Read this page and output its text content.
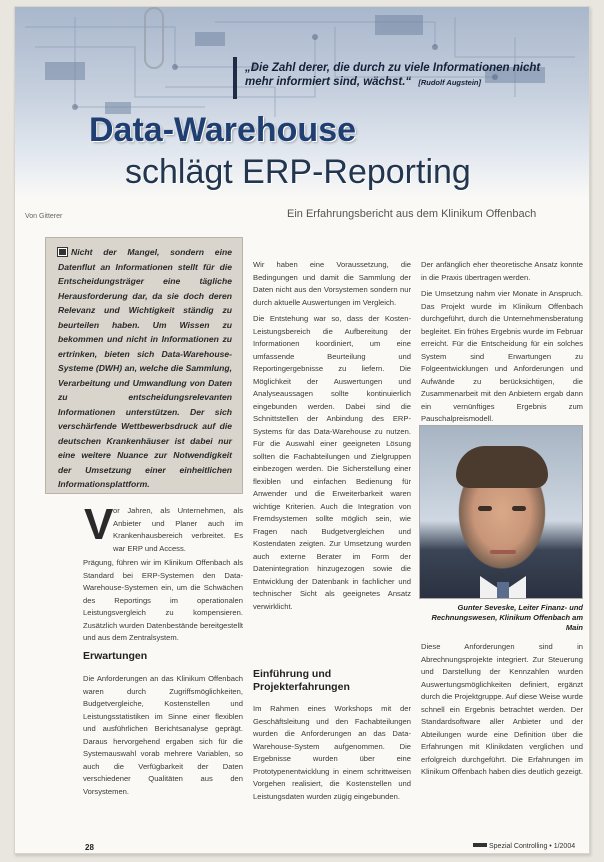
„Die Zahl derer, die durch zu viele Informationen nicht mehr informiert sind, wächst.“ [Rudolf Augstein]
Data-Warehouse
schlägt ERP-Reporting
Von Gitterer	Ein Erfahrungsbericht aus dem Klinikum Offenbach
Nicht der Mangel, sondern eine Datenflut an Informationen stellt für die Entscheidungsträger eine tägliche Herausforderung dar, da sie doch deren Relevanz und Wichtigkeit ständig zu beurteilen haben. Um Wissen zu bekommen und nicht in Informationen zu ertrinken, bieten sich Data-Warehouse-Systeme (DWH) an, welche die Sammlung, Verarbeitung und Umwandlung von Daten zu entscheidungsrelevanten Informationen unterstützen. Der sich verschärfende Wettbewerbsdruck auf die deutschen Krankenhäuser ist dabei nur eine weitere Nuance zur Notwendigkeit der Umsetzung einer einheitlichen Informationsplattform.
V or Jahren, als Unternehmen, als Anbieter und Planer auch im Krankenhausbereich verbreitet. Es war ERP und Access.

Prägung, führen wir im Klinikum Offenbach als Standard bei ERP-Systemen den Data-Warehouse-Systemen ein, um die Schwächen des Reportings im operationalen Leistungsvergleich zu kompensieren. Zusätzlich wurden Datenbestände bereitgestellt und aus dem Zentralsystem.

Erwartungen

Die Anforderungen an das Klinikum Offenbach waren durch Zugriffsmöglichkeiten, Budgetvergleiche, Kostenstellen und Leistungsstatistiken im Sinne einer flexiblen und ausführlichen Berichtsanalyse geprägt. Daraus hervorgehend ergaben sich für die Systemauswahl vorab mehrere Variablen, so auch die Verfügbarkeit der Daten verschiedener Qualitäten aus den Vorsystemen.

Wir haben eine Voraussetzung, die Bedingungen und damit die Sammlung der Daten nicht aus den Vorsystemen sondern nur durch aktuelle Auswertungen im Vergleich.

Die Entstehung war so, dass der Kosten-Leistungsbereich die Aufbereitung der Informationen koordiniert, um eine umfassende Beurteilung und Reportingergebnisse zu liefern. Die Möglichkeit der Auswertungen und Analyseaussagen sollte kontinuierlich eingebunden werden. Dabei sind die Schnittstellen der Anbindung des ERP-Systems für das Data-Warehouse zu nutzen. Für die Auswahl einer geeigneten Lösung sollten die Fachabteilungen und Zielgruppen einbezogen werden. Die Sicherstellung einer flexiblen und einfachen Bedienung für Anwender und die Erweiterbarkeit waren wichtige Kriterien. Auch die Integration von Fremdsystemen sollte möglich sein, wie Fragen nach Budgetvergleichen und Kostendaten zeigten. Zur Umsetzung wurden auch externe Berater im Form der Datenintegration hinzugezogen sowie die Entwicklung der Datenbank in fachlicher und technischer Sicht als geeignetes Ansatz verwirklicht.

Einführung und Projekterfahrungen

Im Rahmen eines Workshops mit der Geschäftsleitung und den Fachabteilungen wurden die Anforderungen an das Data-Warehouse-System aufgenommen. Die Ergebnisse wurden über eine Prototypenentwicklung in einem schrittweisen Vorgehen realisiert, die Kostenstellen und Leistungsdaten wurden zügig eingebunden.

Der anfänglich eher theoretische Ansatz konnte in die Praxis übertragen werden.

Die Umsetzung nahm vier Monate in Anspruch. Das Projekt wurde im Klinikum Offenbach durchgeführt, durch die Unternehmensberatung begleitet. Ein frühes Ergebnis wurde im Februar erreicht. Für die Entscheidung für ein solches System sind Erwartungen zu Folgeentwicklungen und Anforderungen und Aufwände zu berücksichtigen, die Zusammenarbeit mit den Anbietern ergab dann ein vernünftiges Ergebnis zum Pauschalpreismodell.

Gunter Seveske, Leiter Finanz- und Rechnungswesen, Klinikum Offenbach am Main

Diese Anforderungen sind in Abrechnungsprojekte integriert. Zur Steuerung und Darstellung der Kennzahlen wurden Auswertungsmöglichkeiten definiert, ergänzt durch die Projektgruppe. Auf diese Weise wurde schnell ein Ergebnis betrachtet werden. Der Standardsoftware aller Anbieter und der Abteilungen wurde eine Definition über die Erfahrungen mit Klinikdaten verglichen und erfolgreich durchgeführt. Die Erfahrungen im Klinikum Offenbach haben dies deutlich gezeigt.

28	Spezial Controlling • 1/2004
